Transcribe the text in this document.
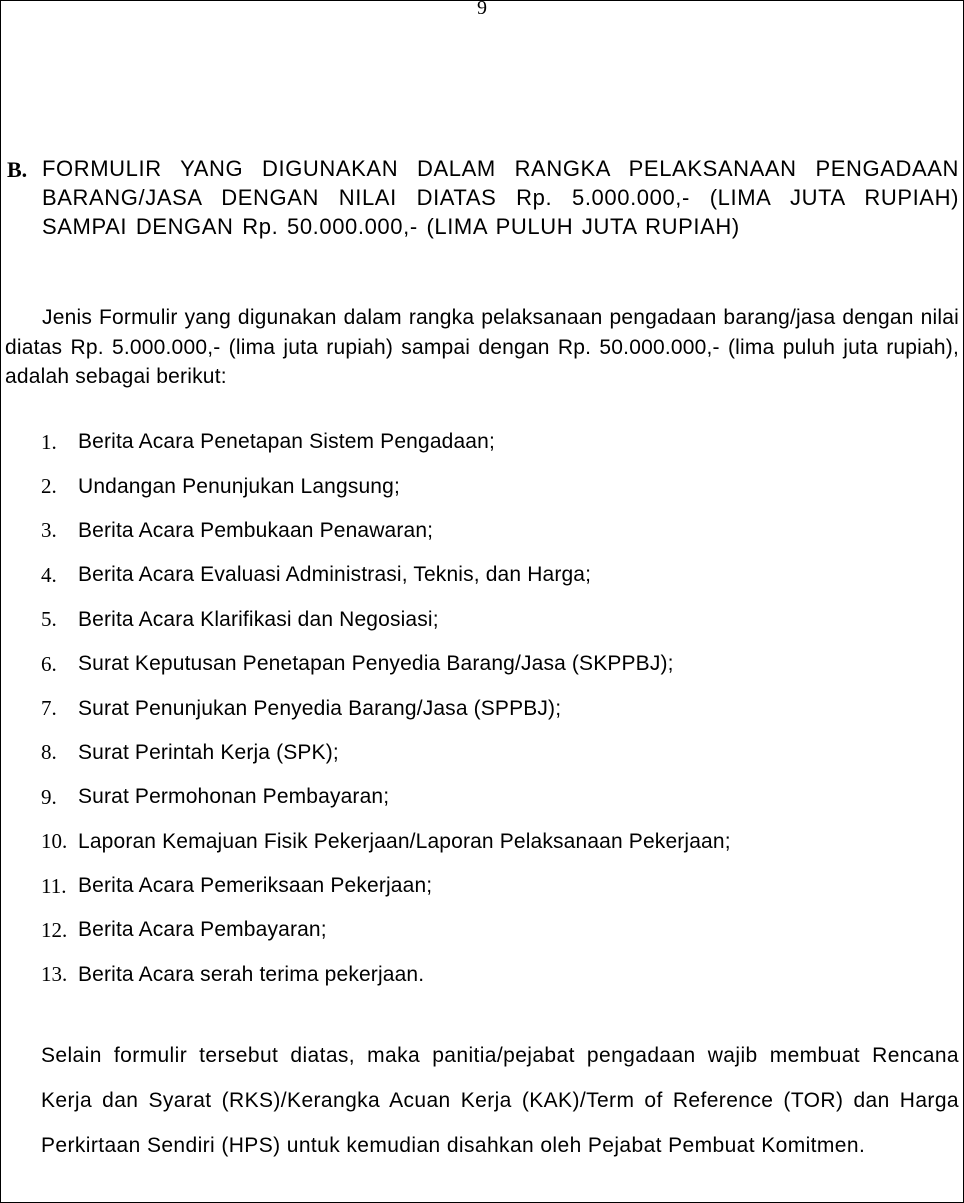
9
B. FORMULIR YANG DIGUNAKAN DALAM RANGKA PELAKSANAAN PENGADAAN BARANG/JASA DENGAN NILAI DIATAS Rp. 5.000.000,- (LIMA JUTA RUPIAH) SAMPAI DENGAN Rp. 50.000.000,- (LIMA PULUH JUTA RUPIAH)
Jenis Formulir yang digunakan dalam rangka pelaksanaan pengadaan barang/jasa dengan nilai diatas Rp. 5.000.000,- (lima juta rupiah) sampai dengan Rp. 50.000.000,- (lima puluh juta rupiah), adalah sebagai berikut:
1.	Berita Acara Penetapan Sistem Pengadaan;
2.	Undangan Penunjukan Langsung;
3.	Berita Acara Pembukaan Penawaran;
4.	Berita Acara Evaluasi Administrasi, Teknis, dan Harga;
5.	Berita Acara Klarifikasi dan Negosiasi;
6.	Surat Keputusan Penetapan Penyedia Barang/Jasa (SKPPBJ);
7.	Surat Penunjukan Penyedia Barang/Jasa (SPPBJ);
8.	Surat Perintah Kerja (SPK);
9.	Surat Permohonan Pembayaran;
10. Laporan Kemajuan Fisik Pekerjaan/Laporan Pelaksanaan Pekerjaan;
11. Berita Acara Pemeriksaan Pekerjaan;
12. Berita Acara Pembayaran;
13. Berita Acara serah terima pekerjaan.
Selain formulir tersebut diatas, maka panitia/pejabat pengadaan wajib membuat Rencana Kerja dan Syarat (RKS)/Kerangka Acuan Kerja (KAK)/Term of Reference (TOR) dan Harga Perkirtaan Sendiri (HPS) untuk kemudian disahkan oleh Pejabat Pembuat Komitmen.
